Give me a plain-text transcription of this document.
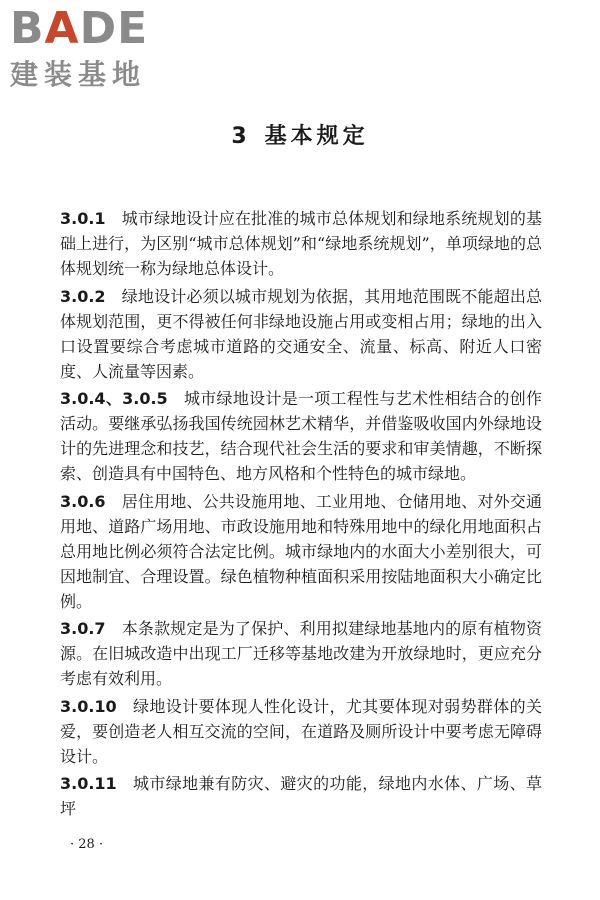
B A DE
建装基地
3 基本规定

3.0.1 城市绿地设计应在批准的城市总体规划和绿地系统规划的基础上进行，为区别“城市总体规划”和“绿地系统规划”，单项绿地的总体规划统一称为绿地总体设计。

3.0.2 绿地设计必须以城市规划为依据，其用地范围既不能超出总体规划范围，更不得被任何非绿地设施占用或变相占用；绿地的出入口设置要综合考虑城市道路的交通安全、流量、标高、附近人口密度、人流量等因素。

3.0.4、3.0.5 城市绿地设计是一项工程性与艺术性相结合的创作活动。要继承弘扬我国传统园林艺术精华，并借鉴吸收国内外绿地设计的先进理念和技艺，结合现代社会生活的要求和审美情趣，不断探索、创造具有中国特色、地方风格和个性特色的城市绿地。

3.0.6 居住用地、公共设施用地、工业用地、仓储用地、对外交通用地、道路广场用地、市政设施用地和特殊用地中的绿化用地面积占总用地比例必须符合法定比例。城市绿地内的水面大小差别很大，可因地制宜、合理设置。绿色植物种植面积采用按陆地面积大小确定比例。

3.0.7 本条款规定是为了保护、利用拟建绿地基地内的原有植物资源。在旧城改造中出现工厂迁移等基地改建为开放绿地时，更应充分考虑有效利用。

3.0.10 绿地设计要体现人性化设计，尤其要体现对弱势群体的关爱，要创造老人相互交流的空间，在道路及厕所设计中要考虑无障碍设计。

3.0.11 城市绿地兼有防灾、避灾的功能，绿地内水体、广场、草坪

· 28 ·
